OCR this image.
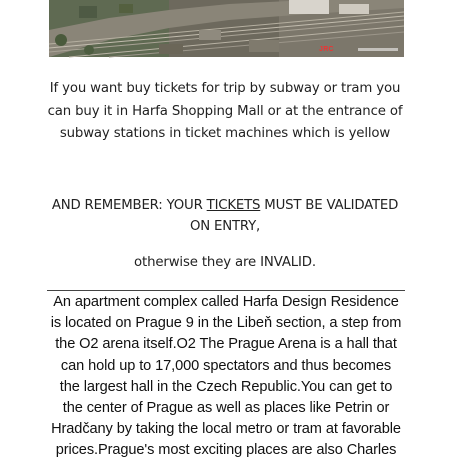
JRC
If you want buy tickets for trip by subway or tram you
can buy it in Harfa Shopping Mall or at the entrance of
subway stations in ticket machines which is yellow
AND REMEMBER: YOUR TICKETS MUST BE VALIDATED
ON ENTRY,
otherwise they are INVALID.
An apartment complex called Harfa Design Residence
is located on Prague 9 in the Libeň section, a step from
the O2 arena itself.O2 The Prague Arena is a hall that
can hold up to 17,000 spectators and thus becomes
the largest hall in the Czech Republic.You can get to
the center of Prague as well as places like Petrin or
Hradčany by taking the local metro or tram at favorable
prices.Prague's most exciting places are also Charles
